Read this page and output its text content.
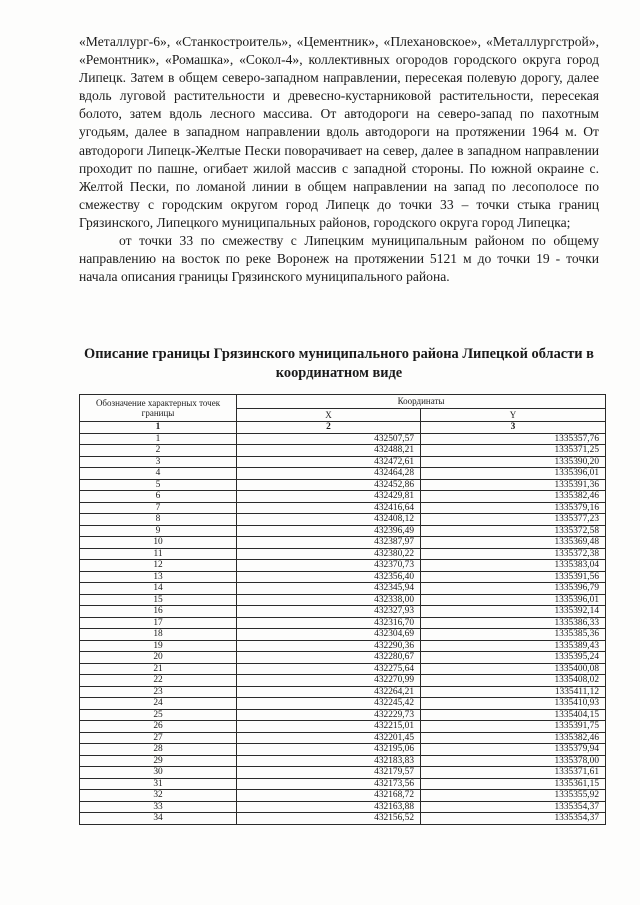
«Металлург-6», «Станкостроитель», «Цементник», «Плехановское», «Металлургстрой», «Ремонтник», «Ромашка», «Сокол-4», коллективных огородов городского округа город Липецк. Затем в общем северо-западном направлении, пересекая полевую дорогу, далее вдоль луговой растительности и древесно-кустарниковой растительности, пересекая болото, затем вдоль лесного массива. От автодороги на северо-запад по пахотным угодьям, далее в западном направлении вдоль автодороги на протяжении 1964 м. От автодороги Липецк-Желтые Пески поворачивает на север, далее в западном направлении проходит по пашне, огибает жилой массив с западной стороны. По южной окраине с. Желтой Пески, по ломаной линии в общем направлении на запад по лесополосе по смежеству с городским округом город Липецк до точки 33 – точки стыка границ Грязинского, Липецкого муниципальных районов, городского округа город Липецка;

от точки 33 по смежеству с Липецким муниципальным районом по общему направлению на восток по реке Воронеж на протяжении 5121 м до точки 19 - точки начала описания границы Грязинского муниципального района.

Описание границы Грязинского муниципального района Липецкой области в координатном виде
Обозначение характерных точек границы	Координаты	
	X	Y
1	2	3
1	432507,57	1335357,76
2	432488,21	1335371,25
3	432472,61	1335390,20
4	432464,28	1335396,01
5	432452,86	1335391,36
6	432429,81	1335382,46
7	432416,64	1335379,16
8	432408,12	1335377,23
9	432396,49	1335372,58
10	432387,97	1335369,48
11	432380,22	1335372,38
12	432370,73	1335383,04
13	432356,40	1335391,56
14	432345,94	1335396,79
15	432338,00	1335396,01
16	432327,93	1335392,14
17	432316,70	1335386,33
18	432304,69	1335385,36
19	432290,36	1335389,43
20	432280,67	1335395,24
21	432275,64	1335400,08
22	432270,99	1335408,02
23	432264,21	1335411,12
24	432245,42	1335410,93
25	432229,73	1335404,15
26	432215,01	1335391,75
27	432201,45	1335382,46
28	432195,06	1335379,94
29	432183,83	1335378,00
30	432179,57	1335371,61
31	432173,56	1335361,15
32	432168,72	1335355,92
33	432163,88	1335354,37
34	432156,52	1335354,37
